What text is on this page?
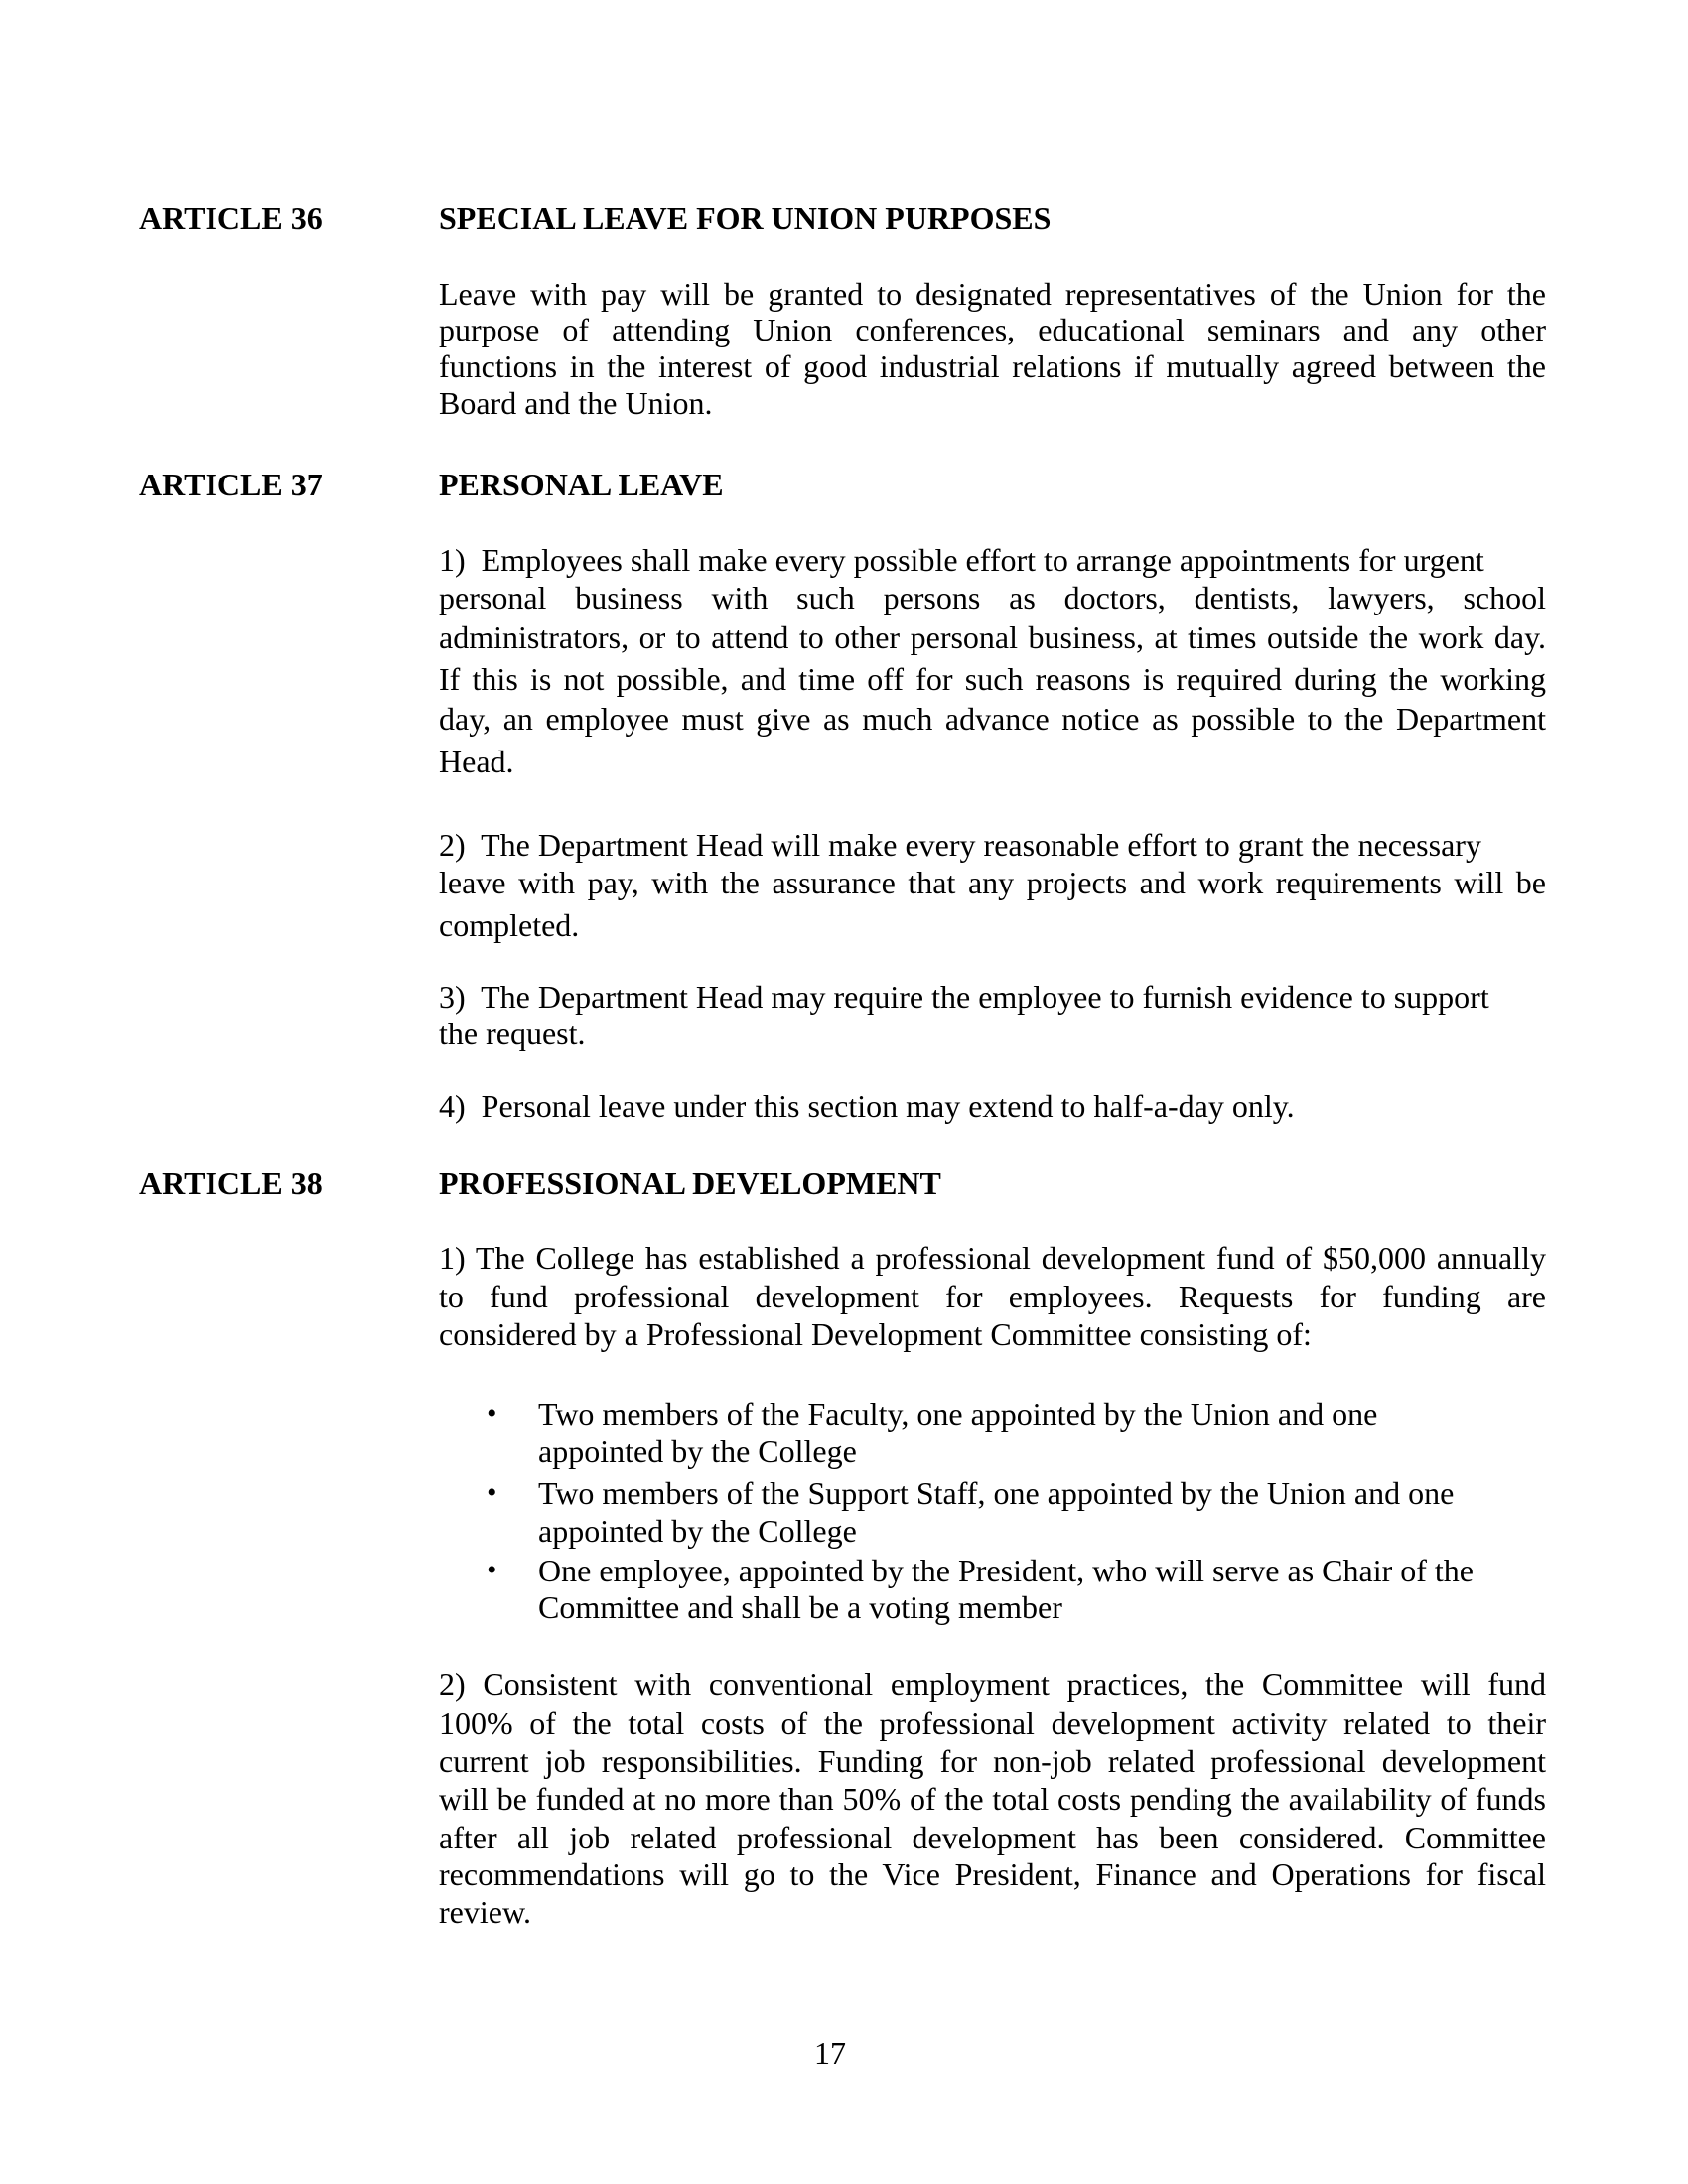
ARTICLE 36	SPECIAL LEAVE FOR UNION PURPOSES
Leave with pay will be granted to designated representatives of the Union for the
purpose of attending Union conferences, educational seminars and any other
functions in the interest of good industrial relations if mutually agreed between the
Board and the Union.
ARTICLE 37	PERSONAL LEAVE
1)  Employees shall make every possible effort to arrange appointments for urgent
personal business with such persons as doctors, dentists, lawyers, school
administrators, or to attend to other personal business, at times outside the work day.
If this is not possible, and time off for such reasons is required during the working
day, an employee must give as much advance notice as possible to the Department
Head.
2)  The Department Head will make every reasonable effort to grant the necessary
leave with pay, with the assurance that any projects and work requirements will be
completed.
3)  The Department Head may require the employee to furnish evidence to support
the request.
4)  Personal leave under this section may extend to half-a-day only.
ARTICLE 38	PROFESSIONAL DEVELOPMENT
1) The College has established a professional development fund of $50,000 annually
to fund professional development for employees. Requests for funding are
considered by a Professional Development Committee consisting of:
• Two members of the Faculty, one appointed by the Union and one
appointed by the College
• Two members of the Support Staff, one appointed by the Union and one
appointed by the College
• One employee, appointed by the President, who will serve as Chair of the
Committee and shall be a voting member
2) Consistent with conventional employment practices, the Committee will fund
100% of the total costs of the professional development activity related to their
current job responsibilities. Funding for non-job related professional development
will be funded at no more than 50% of the total costs pending the availability of funds
after all job related professional development has been considered. Committee
recommendations will go to the Vice President, Finance and Operations for fiscal
review.
17
